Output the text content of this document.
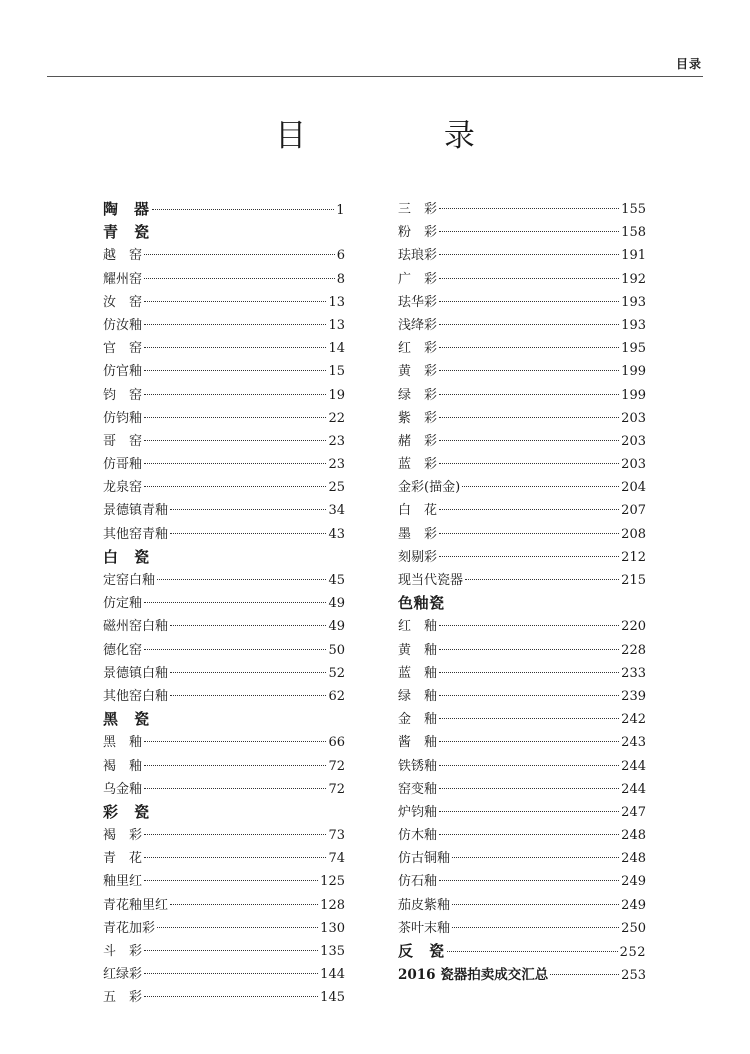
目录
目 录
陶　器	1
青　瓷
越　窑	6
耀州窑	8
汝　窑	13
仿汝釉	13
官　窑	14
仿官釉	15
钧　窑	19
仿钧釉	22
哥　窑	23
仿哥釉	23
龙泉窑	25
景德镇青釉	34
其他窑青釉	43
白　瓷
定窑白釉	45
仿定釉	49
磁州窑白釉	49
德化窑	50
景德镇白釉	52
其他窑白釉	62
黑　瓷
黑　釉	66
褐　釉	72
乌金釉	72
彩　瓷
褐　彩	73
青　花	74
釉里红	125
青花釉里红	128
青花加彩	130
斗　彩	135
红绿彩	144
五　彩	145
三　彩	155
粉　彩	158
珐琅彩	191
广　彩	192
珐华彩	193
浅绛彩	193
红　彩	195
黄　彩	199
绿　彩	199
紫　彩	203
赭　彩	203
蓝　彩	203
金彩(描金)	204
白　花	207
墨　彩	208
刻剔彩	212
现当代瓷器	215
色釉瓷
红　釉	220
黄　釉	228
蓝　釉	233
绿　釉	239
金　釉	242
酱　釉	243
铁锈釉	244
窑变釉	244
炉钧釉	247
仿木釉	248
仿古铜釉	248
仿石釉	249
茄皮紫釉	249
茶叶末釉	250
反　瓷	252
2016 瓷器拍卖成交汇总	253
